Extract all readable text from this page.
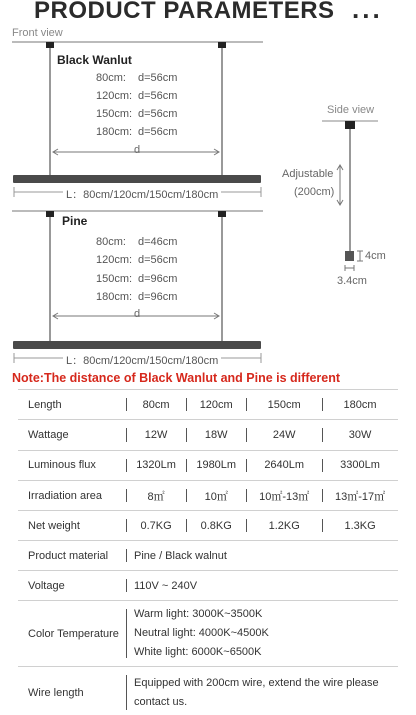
PRODUCT PARAMETERS ...
Front view
Side view
Black Wanlut
80cm: d=56cm
120cm: d=56cm
150cm: d=56cm
180cm: d=56cm
d
L：80cm/120cm/150cm/180cm
Pine
80cm: d=46cm
120cm: d=56cm
150cm: d=96cm
180cm: d=96cm
d
L：80cm/120cm/150cm/180cm
Adjustable
(200cm)
4cm
3.4cm
Note:The distance of Black Wanlut and Pine is different
Length	80cm	120cm	150cm	180cm
Wattage	12W	18W	24W	30W
Luminous flux	1320Lm	1980Lm	2640Lm	3300Lm
Irradiation area	8㎡	10㎡	10㎡-13㎡	13㎡-17㎡
Net weight	0.7KG	0.8KG	1.2KG	1.3KG
Product material	Pine / Black walnut			
Voltage	110V ~ 240V			
Color Temperature	Warm light: 3000K~3500K
Neutral light: 4000K~4500K
White light: 6000K~6500K			

Wire length	Equipped with 200cm wire, extend the wire please
contact us.			
